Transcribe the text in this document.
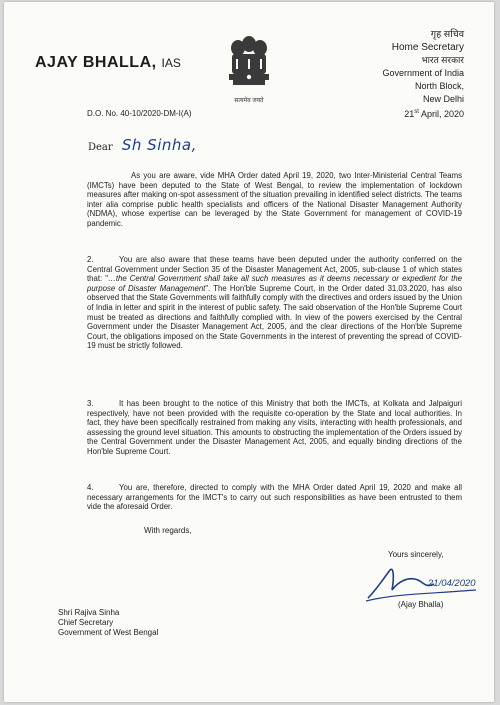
AJAY BHALLA, IAS
सत्यमेव जयते
गृह सचिव
Home Secretary
भारत सरकार
Government of India
North Block,
New Delhi
21st April, 2020
D.O. No. 40-10/2020-DM-I(A)
Dear Sh Sinha,
As you are aware, vide MHA Order dated April 19, 2020, two Inter-Ministerial Central Teams (IMCTs) have been deputed to the State of West Bengal, to review the implementation of lockdown measures after making on-spot assessment of the situation prevailing in identified select districts. The teams inter alia comprise public health specialists and officers of the National Disaster Management Authority (NDMA), whose expertise can be leveraged by the State Government for management of COVID-19 pandemic.
2.	You are also aware that these teams have been deputed under the authority conferred on the Central Government under Section 35 of the Disaster Management Act, 2005, sub-clause 1 of which states that: "…the Central Government shall take all such measures as it deems necessary or expedient for the purpose of Disaster Management". The Hon'ble Supreme Court, in the Order dated 31.03.2020, has also observed that the State Governments will faithfully comply with the directives and orders issued by the Union of India in letter and spirit in the interest of public safety. The said observation of the Hon'ble Supreme Court must be treated as directions and faithfully complied with. In view of the powers exercised by the Central Government under the Disaster Management Act, 2005, and the clear directions of the Hon'ble Supreme Court, the obligations imposed on the State Governments in the interest of preventing the spread of COVID-19 must be strictly followed.
3.	It has been brought to the notice of this Ministry that both the IMCTs, at Kolkata and Jalpaiguri respectively, have not been provided with the requisite co-operation by the State and local authorities. In fact, they have been specifically restrained from making any visits, interacting with health professionals, and assessing the ground level situation. This amounts to obstructing the implementation of the Orders issued by the Central Government under the Disaster Management Act, 2005, and equally binding directions of the Hon'ble Supreme Court.
4.	You are, therefore, directed to comply with the MHA Order dated April 19, 2020 and make all necessary arrangements for the IMCT's to carry out such responsibilities as have been entrusted to them vide the aforesaid Order.
With regards,
Yours sincerely,
21/04/2020
(Ajay Bhalla)
Shri Rajiva Sinha
Chief Secretary
Government of West Bengal
